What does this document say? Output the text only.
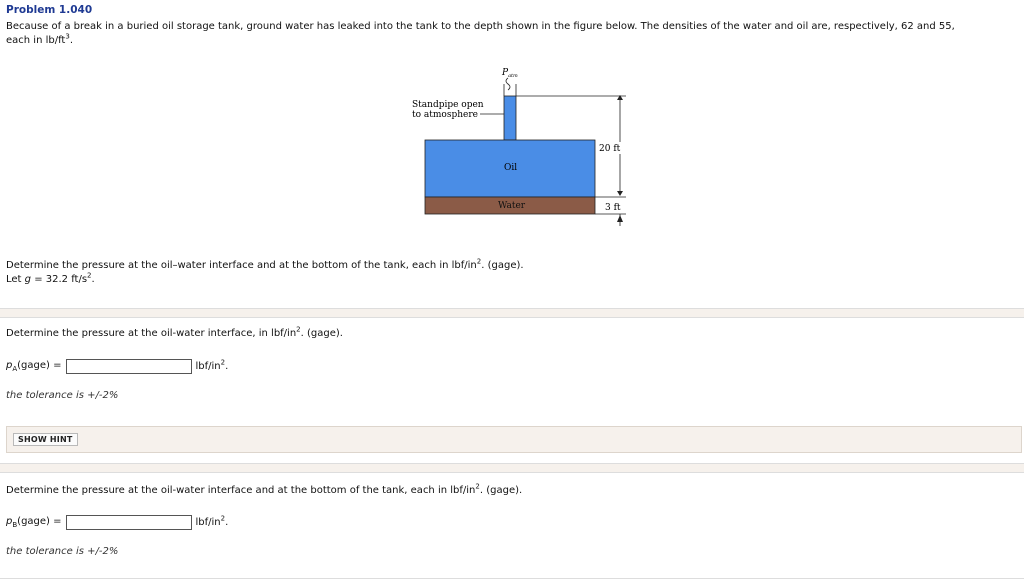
Problem 1.040
Because of a break in a buried oil storage tank, ground water has leaked into the tank to the depth shown in the figure below. The densities of the water and oil are, respectively, 62 and 55,
each in $lb/ft^3$.
$P_{atm}$
Standpipe open
to atmosphere
Oil
Water
20 ft
3 ft
Determine the pressure at the oil–water interface and at the bottom of the tank, each in lbf/$in^2$. (gage).
Let g = 32.2 $ft/s^2$.
Determine the pressure at the oil-water interface, in lbf/$in^2$. (gage).
$p_A(gage)$ =	lbf/$in^2$.
the tolerance is +/-2%
SHOW HINT
Determine the pressure at the oil-water interface and at the bottom of the tank, each in lbf/$in^2$. (gage).
$p_B(gage)$ =	lbf/$in^2$.
the tolerance is +/-2%
